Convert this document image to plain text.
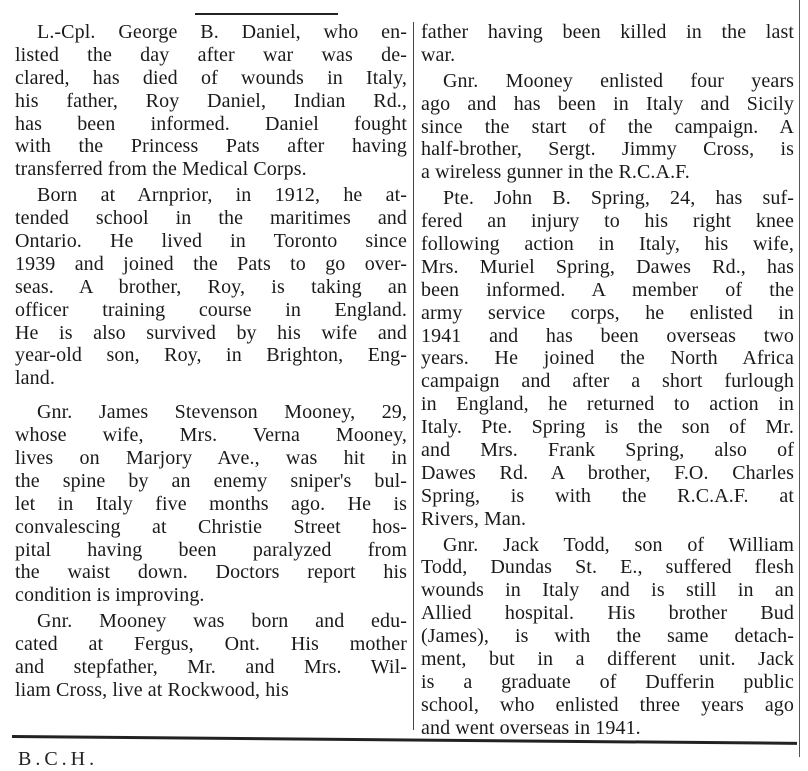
L.-Cpl. George B. Daniel, who en-
listed the day after war was de-
clared, has died of wounds in Italy,
his father, Roy Daniel, Indian Rd.,
has been informed. Daniel fought
with the Princess Pats after having
transferred from the Medical Corps.
Born at Arnprior, in 1912, he at-
tended school in the maritimes and
Ontario. He lived in Toronto since
1939 and joined the Pats to go over-
seas. A brother, Roy, is taking an
officer training course in England.
He is also survived by his wife and
year-old son, Roy, in Brighton, Eng-
land.
Gnr. James Stevenson Mooney, 29,
whose wife, Mrs. Verna Mooney,
lives on Marjory Ave., was hit in
the spine by an enemy sniper's bul-
let in Italy five months ago. He is
convalescing at Christie Street hos-
pital having been paralyzed from
the waist down. Doctors report his
condition is improving.
Gnr. Mooney was born and edu-
cated at Fergus, Ont. His mother
and stepfather, Mr. and Mrs. Wil-
liam Cross, live at Rockwood, his
father having been killed in the last
war.
Gnr. Mooney enlisted four years
ago and has been in Italy and Sicily
since the start of the campaign. A
half-brother, Sergt. Jimmy Cross, is
a wireless gunner in the R.C.A.F.
Pte. John B. Spring, 24, has suf-
fered an injury to his right knee
following action in Italy, his wife,
Mrs. Muriel Spring, Dawes Rd., has
been informed. A member of the
army service corps, he enlisted in
1941 and has been overseas two
years. He joined the North Africa
campaign and after a short furlough
in England, he returned to action in
Italy. Pte. Spring is the son of Mr.
and Mrs. Frank Spring, also of
Dawes Rd. A brother, F.O. Charles
Spring, is with the R.C.A.F. at
Rivers, Man.
Gnr. Jack Todd, son of William
Todd, Dundas St. E., suffered flesh
wounds in Italy and is still in an
Allied hospital. His brother Bud
(James), is with the same detach-
ment, but in a different unit. Jack
is a graduate of Dufferin public
school, who enlisted three years ago
and went overseas in 1941.
B.C.H.
